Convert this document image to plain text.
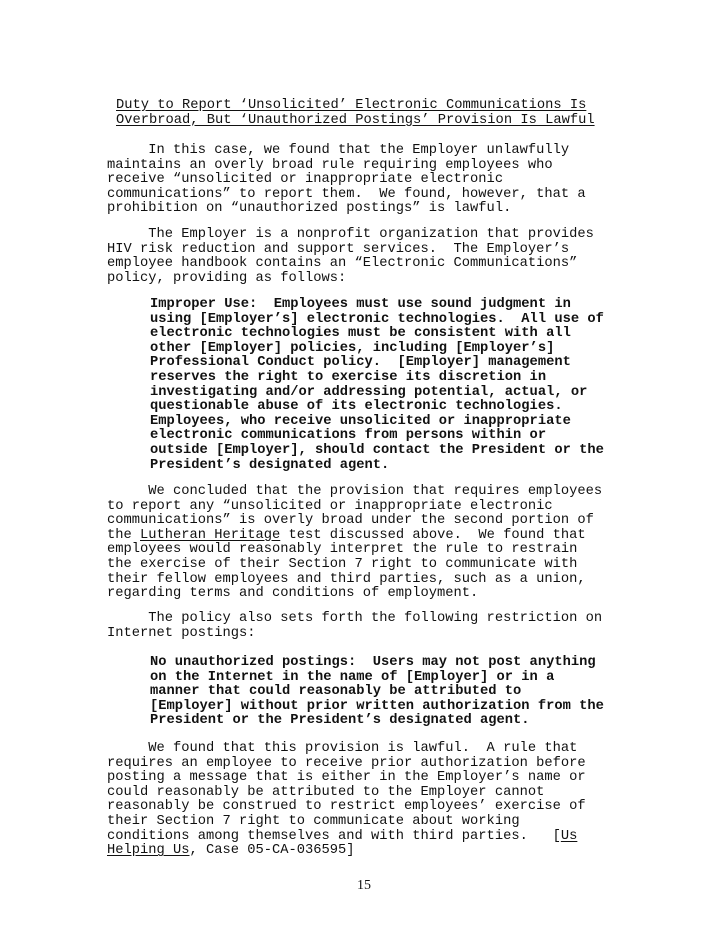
Duty to Report ‘Unsolicited’ Electronic Communications Is
Overbroad, But ‘Unauthorized Postings’ Provision Is Lawful
In this case, we found that the Employer unlawfully
maintains an overly broad rule requiring employees who
receive “unsolicited or inappropriate electronic
communications” to report them.  We found, however, that a
prohibition on “unauthorized postings” is lawful.
The Employer is a nonprofit organization that provides
HIV risk reduction and support services.  The Employer’s
employee handbook contains an “Electronic Communications”
policy, providing as follows:
Improper Use:  Employees must use sound judgment in
using [Employer’s] electronic technologies.  All use of
electronic technologies must be consistent with all
other [Employer] policies, including [Employer’s]
Professional Conduct policy.  [Employer] management
reserves the right to exercise its discretion in
investigating and/or addressing potential, actual, or
questionable abuse of its electronic technologies.
Employees, who receive unsolicited or inappropriate
electronic communications from persons within or
outside [Employer], should contact the President or the
President’s designated agent.
We concluded that the provision that requires employees
to report any “unsolicited or inappropriate electronic
communications” is overly broad under the second portion of
the Lutheran Heritage test discussed above.  We found that
employees would reasonably interpret the rule to restrain
the exercise of their Section 7 right to communicate with
their fellow employees and third parties, such as a union,
regarding terms and conditions of employment.
The policy also sets forth the following restriction on
Internet postings:
No unauthorized postings:  Users may not post anything
on the Internet in the name of [Employer] or in a
manner that could reasonably be attributed to
[Employer] without prior written authorization from the
President or the President’s designated agent.
We found that this provision is lawful.  A rule that
requires an employee to receive prior authorization before
posting a message that is either in the Employer’s name or
could reasonably be attributed to the Employer cannot
reasonably be construed to restrict employees’ exercise of
their Section 7 right to communicate about working
conditions among themselves and with third parties.   [Us
Helping Us, Case 05-CA-036595]
15
